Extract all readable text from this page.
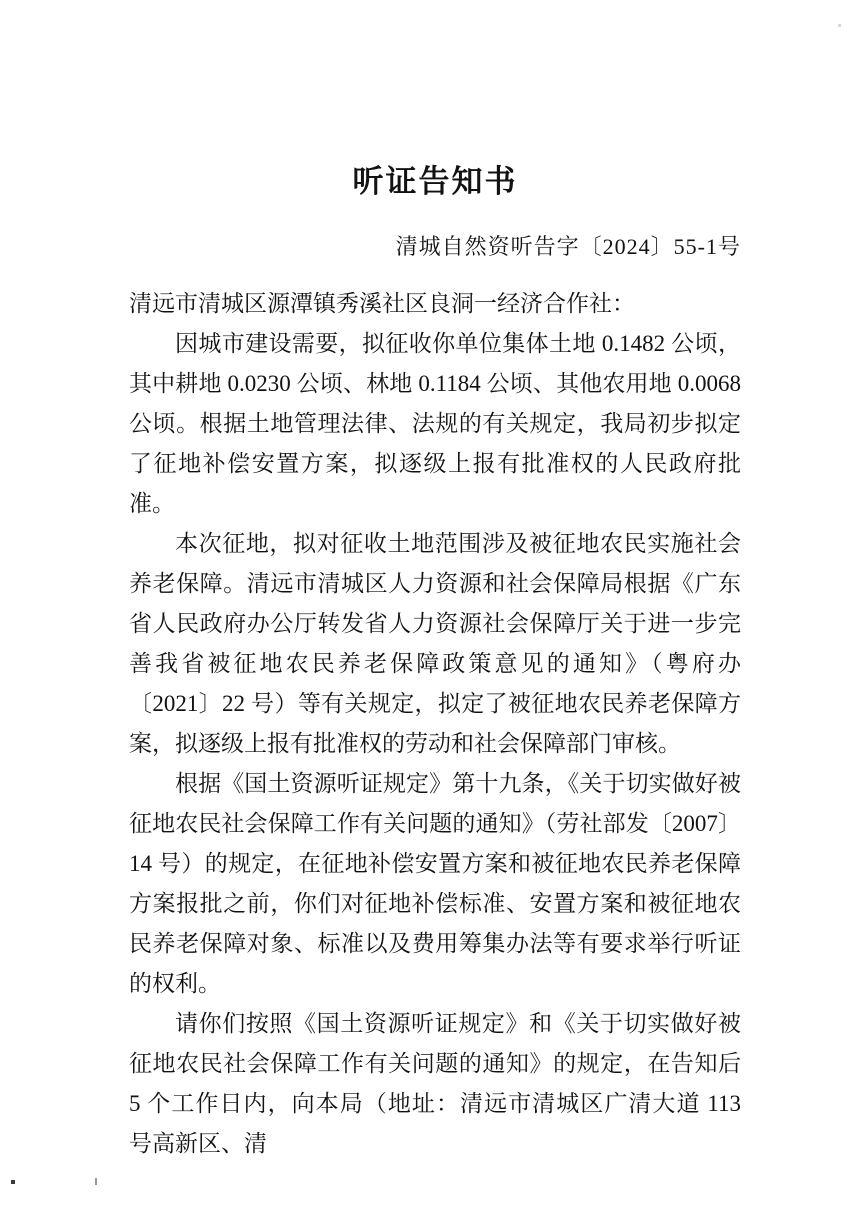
听证告知书
清城自然资听告字〔2024〕55-1号

清远市清城区源潭镇秀溪社区良洞一经济合作社：

因城市建设需要，拟征收你单位集体土地 0.1482 公顷，其中耕地 0.0230 公顷、林地 0.1184 公顷、其他农用地 0.0068 公顷。根据土地管理法律、法规的有关规定，我局初步拟定了征地补偿安置方案，拟逐级上报有批准权的人民政府批准。

本次征地，拟对征收土地范围涉及被征地农民实施社会养老保障。清远市清城区人力资源和社会保障局根据《广东省人民政府办公厅转发省人力资源社会保障厅关于进一步完善我省被征地农民养老保障政策意见的通知》（粤府办〔2021〕22 号）等有关规定，拟定了被征地农民养老保障方案，拟逐级上报有批准权的劳动和社会保障部门审核。

根据《国土资源听证规定》第十九条，《关于切实做好被征地农民社会保障工作有关问题的通知》（劳社部发〔2007〕14 号）的规定，在征地补偿安置方案和被征地农民养老保障方案报批之前，你们对征地补偿标准、安置方案和被征地农民养老保障对象、标准以及费用筹集办法等有要求举行听证的权利。

请你们按照《国土资源听证规定》和《关于切实做好被征地农民社会保障工作有关问题的通知》的规定，在告知后 5 个工作日内，向本局（地址：清远市清城区广清大道 113 号高新区、清
